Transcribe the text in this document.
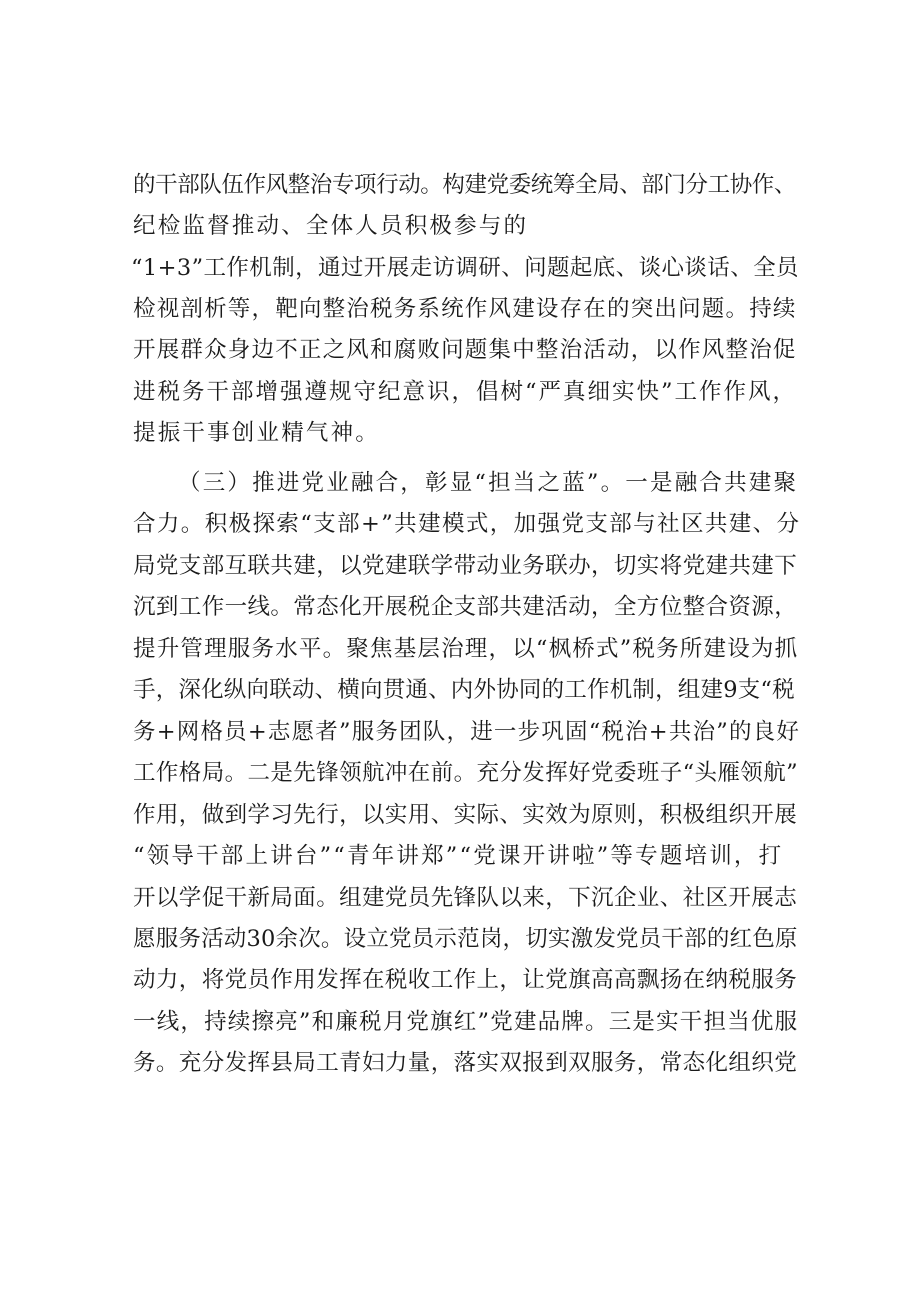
的干部队伍作风整治专项行动。构建党委统筹全局、部门分工协作、
纪检监督推动、全体人员积极参与的
“1+3”工作机制，通过开展走访调研、问题起底、谈心谈话、全员
检视剖析等，靶向整治税务系统作风建设存在的突出问题。持续
开展群众身边不正之风和腐败问题集中整治活动，以作风整治促
进税务干部增强遵规守纪意识，倡树“严真细实快”工作作风，
提振干事创业精气神。
（三）推进党业融合，彰显“担当之蓝”。一是融合共建聚
合力。积极探索“支部+”共建模式，加强党支部与社区共建、分
局党支部互联共建，以党建联学带动业务联办，切实将党建共建下
沉到工作一线。常态化开展税企支部共建活动，全方位整合资源，
提升管理服务水平。聚焦基层治理，以“枫桥式”税务所建设为抓
手，深化纵向联动、横向贯通、内外协同的工作机制，组建9支“税
务+网格员+志愿者”服务团队，进一步巩固“税治+共治”的良好
工作格局。二是先锋领航冲在前。充分发挥好党委班子“头雁领航”
作用，做到学习先行，以实用、实际、实效为原则，积极组织开展
“领导干部上讲台”“青年讲郑”“党课开讲啦”等专题培训，打
开以学促干新局面。组建党员先锋队以来，下沉企业、社区开展志
愿服务活动30余次。设立党员示范岗，切实激发党员干部的红色原
动力，将党员作用发挥在税收工作上，让党旗高高飘扬在纳税服务
一线，持续擦亮”和廉税月党旗红”党建品牌。三是实干担当优服
务。充分发挥县局工青妇力量，落实双报到双服务，常态化组织党
